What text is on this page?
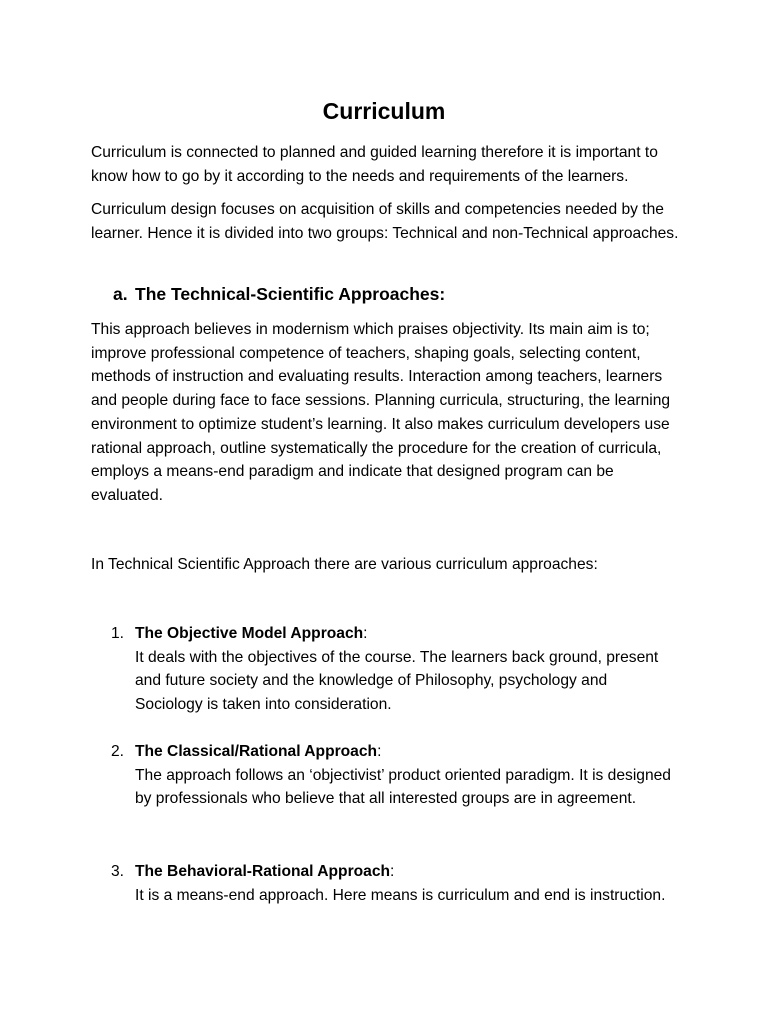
Curriculum

Curriculum is connected to planned and guided learning therefore it is important to know how to go by it according to the needs and requirements of the learners.

Curriculum design focuses on acquisition of skills and competencies needed by the learner. Hence it is divided into two groups: Technical and non-Technical approaches.

a. The Technical-Scientific Approaches:

This approach believes in modernism which praises objectivity. Its main aim is to; improve professional competence of teachers, shaping goals, selecting content, methods of instruction and evaluating results. Interaction among teachers, learners and people during face to face sessions. Planning curricula, structuring, the learning environment to optimize student’s learning. It also makes curriculum developers use rational approach, outline systematically the procedure for the creation of curricula, employs a means-end paradigm and indicate that designed program can be evaluated.

In Technical Scientific Approach there are various curriculum approaches:

1. The Objective Model Approach:
It deals with the objectives of the course. The learners back ground, present and future society and the knowledge of Philosophy, psychology and Sociology is taken into consideration.
2. The Classical/Rational Approach:
The approach follows an ‘objectivist’ product oriented paradigm. It is designed by professionals who believe that all interested groups are in agreement.
3. The Behavioral-Rational Approach:
It is a means-end approach. Here means is curriculum and end is instruction.
